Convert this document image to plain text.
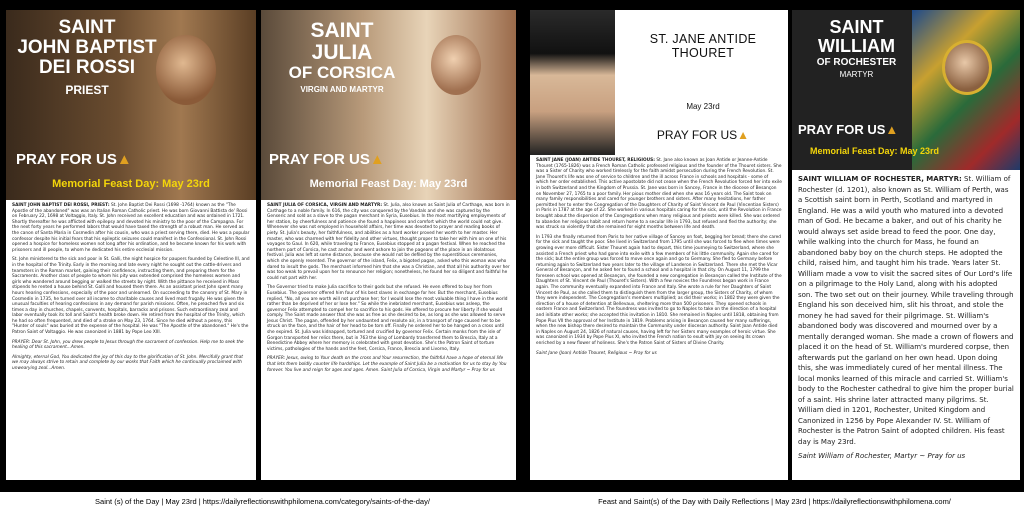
SAINT
JOHN BAPTIST
DEI ROSSI
PRIEST
PRAY FOR US▲
Memorial Feast Day: May 23rd

SAINT JOHN BAPTIST DEI ROSSI, PRIEST: St. John Baptist Dei Rossi (1698 -1764) known as the "The Apostle of the abandoned" was was an Italian Roman Catholic priest. He was born Giovanni Battista de' Rossi on February 22, 1698 at Voltaggio, Italy. St. John received an excellent education and was ordained in 1721. Shortly thereafter he was afflicted with epilepsy and devoted his ministry to the poor of the Campagna. For the next forty years he performed labors that would have taxed the strength of a robust man. He served as the canon of Santa Maria in Cosmedin after his cousin, who was a priest serving there, died. He was a popular confessor despite his initial fears that his epileptic seizures could manifest in the Confessional. St. John Rossi opened a hospice for homeless women not long after his ordination, and he became known for his work with prisoners and ill people, to whom he dedicated his entire ecclesial mission.

St. John ministered to the sick and poor in St. Galli, the night hospice for paupers founded by Celestine III, and in the hospital of the Trinity. Early in the morning and late every night he sought out the cattle-drivers and teamsters in the Roman market, gaining their confidence, instructing them, and preparing them for the Sacraments. Another class of people to whom his pity was extended comprised the homeless women and girls who wandered around begging or walked the streets by night. With the pittance he received in Mass stipends he rented a house behind St. Galli and housed them there. As an assistant priest John spent many hours hearing confessions, especially of the poor and unlearned. On succeeding to the canonry of St. Mary in Cosmedin in 1735, he turned over all income to charitable causes and lived most frugally. He was given the unusual faculties of hearing confessions in any demand for parish missions. Often, he preached five and six times a day in churches, chapels, convents, hospitals, barracks and prisons. Such extraordinary zeal and labor eventually took its toll and Saint's health broke down. He retired from the hospital of the Trinity, which he had so often frequented, and died of a stroke on May 23, 1764. Since he died without a penny, this "Hunter of souls" was buried at the expense of the hospital. He was "The Apostle of the abandoned." He's the Patron Saint of Voltaggio. He was canonized in 1881 by Pope Leo XIII.

PRAYER: Dear St. John, you drew people to Jesus through the sacrament of confession. Help me to seek the healing of this sacrament...Amen.

Almighty, eternal God, You dedicated the joy of this day to the glorification of St. John. Mercifully grant that we may always strive to retain and complete by our works that Faith which he continually proclaimed with unwearying zeal...Amen.

SAINT
JULIA
OF CORSICA
VIRGIN AND MARTYR
PRAY FOR US▲
Memorial Feast Day: May 23rd

SAINT JULIA OF CORSICA, VIRGIN AND MARTYR: St. Julia, also known as Saint Julia of Carthage, was born in Carthage to a noble family. In 616, the city was conquered by the Vandals and she was captured by the Genseric and sold as a slave to the pagan merchant in Syria, Eusebius. In the most mortifying employments of her station, by cheerfulness and patience she found a happiness and comfort which the world could not give. Whenever she was not employed in household affairs, her time was devoted to prayer and reading books of piety. St. Julia's beauty, her faithfulness, and abilities as a hard worker proved her worth to her master. Her master, who was charmed with her fidelity and other virtues, thought proper to take her with him on one of his voyages to Gaul. In 620, while traveling to France, Eusebius stopped at a pagan festival. When he reached the northern part of Corsica, he cast anchor and went ashore to join the pageans of the place in an idolatrous festival. Julia was left at some distance, because she would not be defiled by the superstitious ceremonies, which she openly resented. The governor of the island, Felix, a bigoted pagan, asked who this woman was who dared to insult the gods. The merchant informed him that she was a Christian, and that all his authority over her was too weak to prevail upon her to renounce her religion; nonetheless, he found her so diligent and faithful he could not part with her.

The Governor tried to make Julia sacrifice to their gods but she refused. He even offered to buy her from Eusebius. The governor offered him four of his best slaves in exchange for her. But the merchant, Eusebius replied, "No, all you are worth will not purchase her; for I would lose the most valuable thing I have in the world rather than be deprived of her or lose her." So while the inebriated merchant, Eusebius was asleep, the governor Felix attempted to compel her to sacrifice to his gods. He offered to procure her liberty if she would comply. The Saint made answer that she was as free as she desired to be, as long as she was allowed to serve Jesus Christ. The pagan, offended by her undaunted and resolute air, in a transport of rage caused her to be struck on the face, and the hair of her head to be torn off. Finally he ordered her to be hanged on a cross until she expired. St. Julia was kidnapped, tortured and crucified by governor Felix. Certain monks from the isle of Gorgon transported her relics there, but in 763 the king of Lombardy transferred them to Brescia, Italy at a Benedictine Abbey where her memory is celebrated with great devotion. She's the Patron Saint of torture victims, pathologies of the hands and the feet, Corsica, France, Brescia and Livorno, Italy.

PRAYER: Jesus, owing to Your death on the cross and Your resurrection, the faithful have a hope of eternal life that lets them boldly counter life hardships. Let the example of Saint Julia be a motivation for us to stay by You forever. You live and reign for ages and ages. Amen. Saint Julia of Corsica, Virgin and Martyr ~ Pray for us

ST. JANE ANTIDE
THOURET
May 23rd
PRAY FOR US▲

SAINT JANE (JOAN) ANTIDE THOURET, RELIGIOUS: St. Jane also known as Joan Antide or Jeanne-Antide Thouret (1765-1826) was a French Roman Catholic professed religious and the founder of the Thouret sisters. She was a Sister of Charity who worked tirelessly for the faith amidst persecution during the French Revolution. St. Jane Thouret's life was one of service to children and the ill across France in schools and hospitals - some of which her order established. This active apostolate did not cease when the French Revolution forced her into exile in both Switzerland and the Kingdom of Prussia. St. Jane was born in Sancey, France in the diocese of Besançon on November 27, 1765 to a poor family. Her pious mother died when she was 16 years old. The Saint took on many family responsibilities and cared for younger brothers and sisters. After many hesitations, her father permitted her to enter the Congregation of the Daughters of Charity of Saint Vincent de Paul (Vincentian Sisters) in Paris in 1787 at the age of 22. She worked in various hospitals caring for the sick, until the Revolution in France brought about the dispersion of the Congregations when many religious and priests were killed. She was ordered to abandon her religious habit and return home to a secular life in 1793, but refused and fled the authority; she was struck so violently that she remained for eight months between life and death.

In 1793 she finally returned from Paris to her native village of Sancey on foot, begging her bread; there she cared for the sick and taught the poor. She lived in Switzerland from 1795 until she was forced to flee when times were growing ever more difficult. Sister Thouret again had to depart, this time journeying to Switzerland, where she assisted a French priest who had gone into exile with a few members of his little community. Again she cared for the sick; but the entire group was forced to move once again and go to Germany. She fled to Germany before returning again to Switzerland two years later to the village of Landeron in Switzerland. There she met the Vicar General of Besançon, and he asked her to found a school and a hospital in that city. On August 11, 1799 the foreseen school was opened at Besançon, she founded a new congregation in Besançon called the Institute of the Daughters of St. Vincent de Paul (Thouret's Sisters). With a few novices the Foundress began work in France again. The community eventually expanded into France and Italy. She wrote a rule for her Daughters of Saint Vincent de Paul, as she called them to distinguish them from the larger group, the Sisters of Charity, of whom they were independent. The Congregation's members multiplied; as did their works; in 1802 they were given the direction of a house of detention at Bellevaux, sheltering more than 500 prisoners. They opened schools in eastern France and Switzerland. The foundress was invited to go to Naples to take on the direction of a hospital and initiate other works; she accepted this invitation in 1810. She remained in Naples until 1818, obtaining from Pope Pius VII the approval of her Institute in 1819. Problems arising in Besançon caused her many sufferings, when the new bishop there desired to maintain the Community under diocesan authority. Saint Joan Antide died in Naples on August 24, 1826 of natural causes, having left for her Sisters many examples of heroic virtue. She was canonized in 1934 by Pope Pius XI, who invited the French nation to exult with joy on seeing its crown enriched by a new flower of holiness. She's the Patron Saint of Sisters of Divine Charity.

Saint Jane (Joan) Antide Thouret, Religious ~ Pray for us

SAINT
WILLIAM
OF ROCHESTER
MARTYR
PRAY FOR US▲
Memorial Feast Day: May 23rd

SAINT WILLIAM OF ROCHESTER, MARTYR: St. William of Rochester (d. 1201), also known as St. William of Perth, was a Scottish saint born in Perth, Scotland and martyred in England. He was a wild youth who matured into a devoted man of God. He became a baker, and out of his charity he would always set aside bread to feed the poor. One day, while walking into the church for Mass, he found an abandoned baby boy on the church steps. He adopted the child, raised him, and taught him his trade. Years later St. William made a vow to visit the sacred sites of Our Lord's life on a pilgrimage to the Holy Land, along with his adopted son. The two set out on their journey. While traveling through England his son deceived him, slit his throat, and stole the money he had saved for their pilgrimage. St. William's abandoned body was discovered and mourned over by a mentally deranged woman. She made a crown of flowers and placed it on the head of St. William's murdered corpse, then afterwards put the garland on her own head. Upon doing this, she was immediately cured of her mental illness. The local monks learned of this miracle and carried St. William's body to the Rochester cathedral to give him the proper burial of a saint. His shrine later attracted many pilgrims. St. William died in 1201, Rochester, United Kingdom and Canonized in 1256 by Pope Alexander IV. St. William of Rochester is the Patron Saint of adopted children. His feast day is May 23rd.

Saint William of Rochester, Martyr ~ Pray for us

Saint (s) of the Day | May 23rd | https://dailyreflectionswithphilomena.com/category/saints-of-the-day/	Feast and Saint(s) of the Day with Daily Reflections | May 23rd | https://dailyreflectionswithphilomena.com/
